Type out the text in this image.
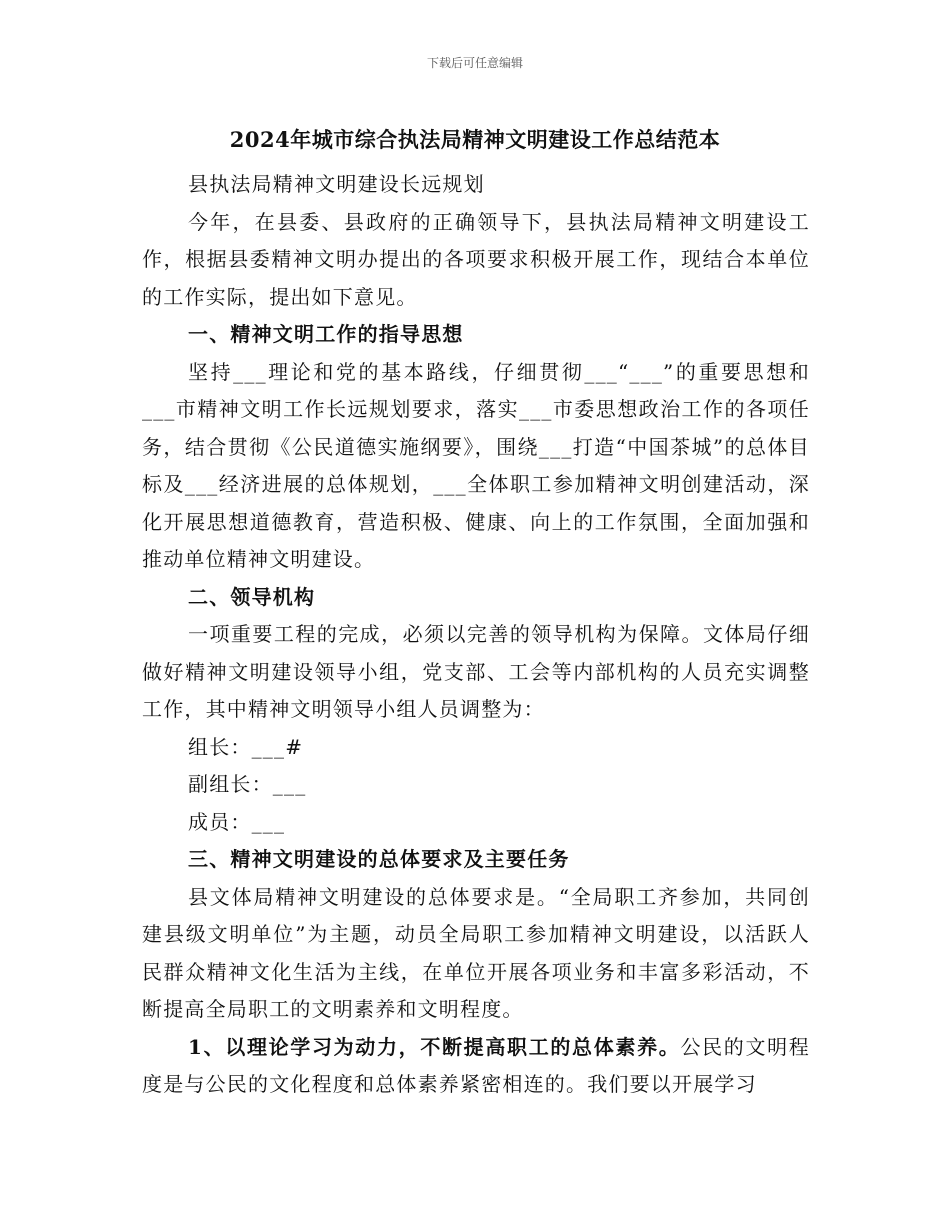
下载后可任意编辑
2024年城市综合执法局精神文明建设工作总结范本

县执法局精神文明建设长远规划

今年，在县委、县政府的正确领导下，县执法局精神文明建设工作，根据县委精神文明办提出的各项要求积极开展工作，现结合本单位的工作实际，提出如下意见。

一、精神文明工作的指导思想

坚持___理论和党的基本路线，仔细贯彻___“___”的重要思想和___市精神文明工作长远规划要求，落实___市委思想政治工作的各项任务，结合贯彻《公民道德实施纲要》，围绕___打造“中国茶城”的总体目标及___经济进展的总体规划，___全体职工参加精神文明创建活动，深化开展思想道德教育，营造积极、健康、向上的工作氛围，全面加强和推动单位精神文明建设。

二、领导机构

一项重要工程的完成，必须以完善的领导机构为保障。文体局仔细做好精神文明建设领导小组，党支部、工会等内部机构的人员充实调整工作，其中精神文明领导小组人员调整为：

组长：___#

副组长：___

成员：___

三、精神文明建设的总体要求及主要任务

县文体局精神文明建设的总体要求是。“全局职工齐参加，共同创建县级文明单位”为主题，动员全局职工参加精神文明建设，以活跃人民群众精神文化生活为主线，在单位开展各项业务和丰富多彩活动，不断提高全局职工的文明素养和文明程度。

1、以理论学习为动力，不断提高职工的总体素养。公民的文明程度是与公民的文化程度和总体素养紧密相连的。我们要以开展学习
